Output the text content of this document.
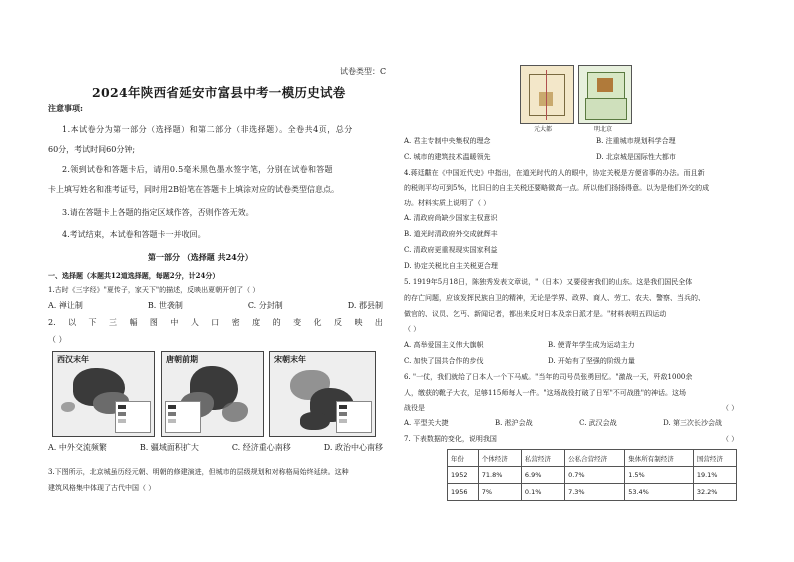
试卷类型：C
2024年陕西省延安市富县中考一模历史试卷
注意事项:
1.本试卷分为第一部分（选择题）和第二部分（非选择题）。全卷共4页，总分
60分，考试时间60分钟;
2.领到试卷和答题卡后，请用0.5毫米黑色墨水签字笔，分别在试卷和答题
卡上填写姓名和准考证号，同时用2B铅笔在答题卡上填涂对应的试卷类型信息点。
3.请在答题卡上各题的指定区域作答，否则作答无效。
4.考试结束，本试卷和答题卡一并收回。
第一部分 （选择题 共24分）
一、选择题（本题共12道选择题，每题2分，计24分）
1.古时《三字经》"夏传子，家天下"的描述，反映出夏朝开创了（ ）
A. 禅让制	B. 世袭制	C. 分封制	D. 郡县制
2. 以 下 三 幅 图 中 人 口 密 度 的 变 化 反 映 出
（ ）
西汉末年	唐朝前期	宋朝末年
A. 中外交流频繁	B. 疆域面积扩大	C. 经济重心南移	D. 政治中心南移
3.下图所示，北京城虽历经元朝、明朝的修建演进，但城市的层级规划和对称格局始终延续。这种
建筑风格集中体现了古代中国（ ）
元大都	明北京
A. 君主专制中央集权的理念	B. 注重城市规划科学合理
C. 城市的建筑技术温暖领先	D. 北京城是国际性大都市
4.蒋廷黻在《中国近代史》中指出，在道光时代的人的眼中，协定关税是方便省事的办法。而且新
的税则平均可到5%，比旧日的自主关税还要略微高一点。所以他们扬扬得意。以为是他们外交的成
功。材料实质上说明了（ ）
A. 清政府尚缺少国家主权意识
B. 道光时清政府外交成就辉丰
C. 清政府更重视现实国家利益
D. 协定关税比自主关税更合理
5. 1919年5月18日，陈独秀发表文章说，"（日本）又要侵害我们的山东。这是我们国民全体
的存亡问题，应该发挥民族自卫的精神，无论是学界、政界、商人、劳工、农夫、警察、当兵的、
做官的、议员、乞丐、新闻记者，都出来反对日本及亲日派才是。"材料表明五四运动
（ ）
A. 高举爱国主义伟大旗帜	B. 使青年学生成为运动主力
C. 加快了国共合作的步伐	D. 开始有了坚强的阶级力量
6. "一仗，我们就给了日本人一个下马威。"当年的司号员张勇回忆。"激战一天，歼敌1000余
人，缴获的靴子大衣，足够115师每人一件。"这场战役打破了日军"不可战胜"的神话。这场
战役是	（ ）
A. 平型关大捷	B. 淞沪会战	C. 武汉会战	D. 第三次长沙会战
7. 下表数据的变化，说明我国	（ ）
年份	个体经济	私营经济	公私合营经济	集体所有制经济	国营经济
1952	71.8%	6.9%	0.7%	1.5%	19.1%
1956	7%	0.1%	7.3%	53.4%	32.2%
